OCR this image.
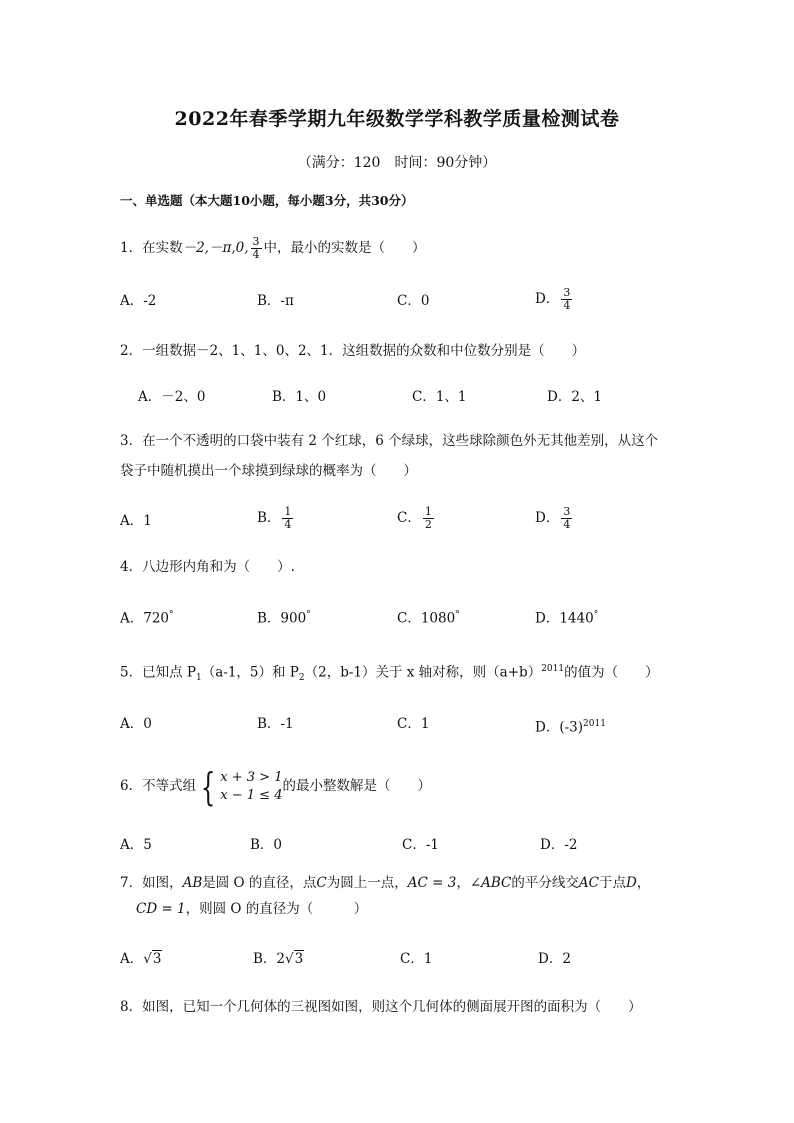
2022年春季学期九年级数学学科教学质量检测试卷
（满分：120　时间：90分钟）
一、单选题（本大题10小题，每小题3分，共30分）
1．在实数－2,－π,0, $\frac{3}{4}$ 中，最小的实数是（　　）
A．-2	B．-π	C．0	D． $\frac{3}{4}$
2．一组数据－2、1、1、0、2、1．这组数据的众数和中位数分别是（　　）
A．－2、0	B．1、0	C．1、1	D．2、1
3．在一个不透明的口袋中装有 2 个红球，6 个绿球，这些球除颜色外无其他差别，从这个
袋子中随机摸出一个球摸到绿球的概率为（　　）
A．1	B． $\frac{1}{4}$	C． $\frac{1}{2}$	D． $\frac{3}{4}$
4．八边形内角和为（　　）.
A．720°	B．900°	C．1080°	D．1440°
5．已知点 $P_1(a-1$，5）和 $P_2(2$，b-1）关于 x 轴对称，则$(a+b)^{2011}$的值为（　　）
A．0	B．-1	C．1	D．$(-3)^{2011}$
6．不等式组 { x + 3 > 1
x − 1 ≤ 4
的最小整数解是（　　）
A．5	B．0	C．-1	D．-2
7．如图，AB是圆 O 的直径，点C为圆上一点，AC = 3，∠ABC的平分线交AC于点D，
CD = 1，则圆 O 的直径为（　　　）
A．√3	B．2√3	C．1	D．2
8．如图，已知一个几何体的三视图如图，则这个几何体的侧面展开图的面积为（　　）
